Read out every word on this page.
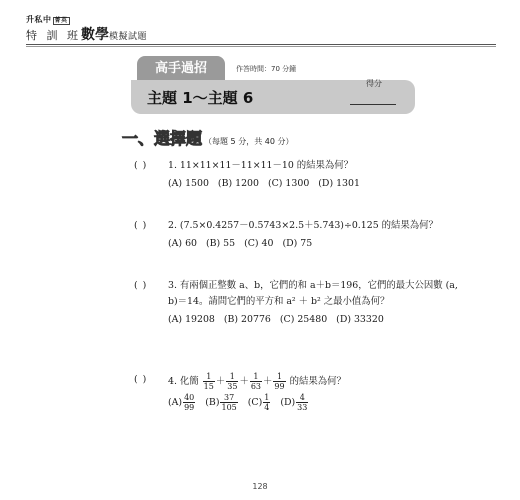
升私中 菁英
特 訓 班數學模擬試題
高手過招	作答時間：70 分鐘
主題 1～主題 6
得分
一、選擇題 （每題 5 分，共 40 分）
( ) 1. 11×11×11－11×11－10 的結果為何？
(A) 1500 (B) 1200 (C) 1300 (D) 1301
( ) 2. (7.5×0.4257－0.5743×2.5＋5.743)÷0.125 的結果為何？
(A) 60 (B) 55 (C) 40 (D) 75
( ) 3. 有兩個正整數 a、b，它們的和 a＋b＝196，它們的最大公因數 (a, b)＝14。請問它們的平方和 a² ＋ b² 之最小值為何？
(A) 19208 (B) 20776 (C) 25480 (D) 33320
( ) 4. 化簡 $\frac{1}{15} + \frac{1}{35} + \frac{1}{63} + \frac{1}{99}$ 的結果為何？
$(A) \frac{40}{99} (B) \frac{37}{105} (C) \frac{1}{4} (D) \frac{4}{33}$
128
